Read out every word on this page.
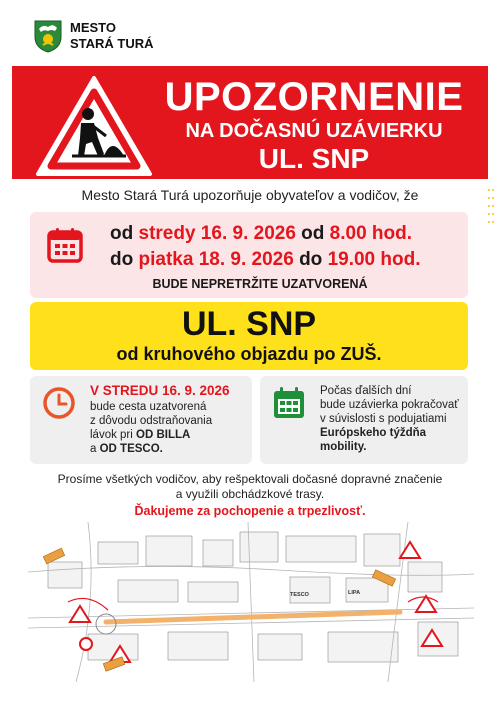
MESTO
STARÁ TURÁ
UPOZORNENIE
NA DOČASNÚ UZÁVIERKU
UL. SNP
Mesto Stará Turá upozorňuje obyvateľov a vodičov, že
od stredy 16. 9. 2026 od 8.00 hod.
do piatka 18. 9. 2026 do 19.00 hod.
BUDE NEPRETRŽITE UZATVORENÁ
UL. SNP
od kruhového objazdu po ZUŠ.
V STREDU 16. 9. 2026
bude cesta uzatvorená
z dôvodu odstraňovania
lávok pri OD BILLA
a OD TESCO.
Počas ďalších dní
bude uzávierka pokračovať
v súvislosti s podujatiami
Európskeho týždňa
mobility.
Prosíme všetkých vodičov, aby rešpektovali dočasné dopravné značenie
a využili obchádzkové trasy.
Ďakujeme za pochopenie a trpezlivosť.
TESCO	LIPA
